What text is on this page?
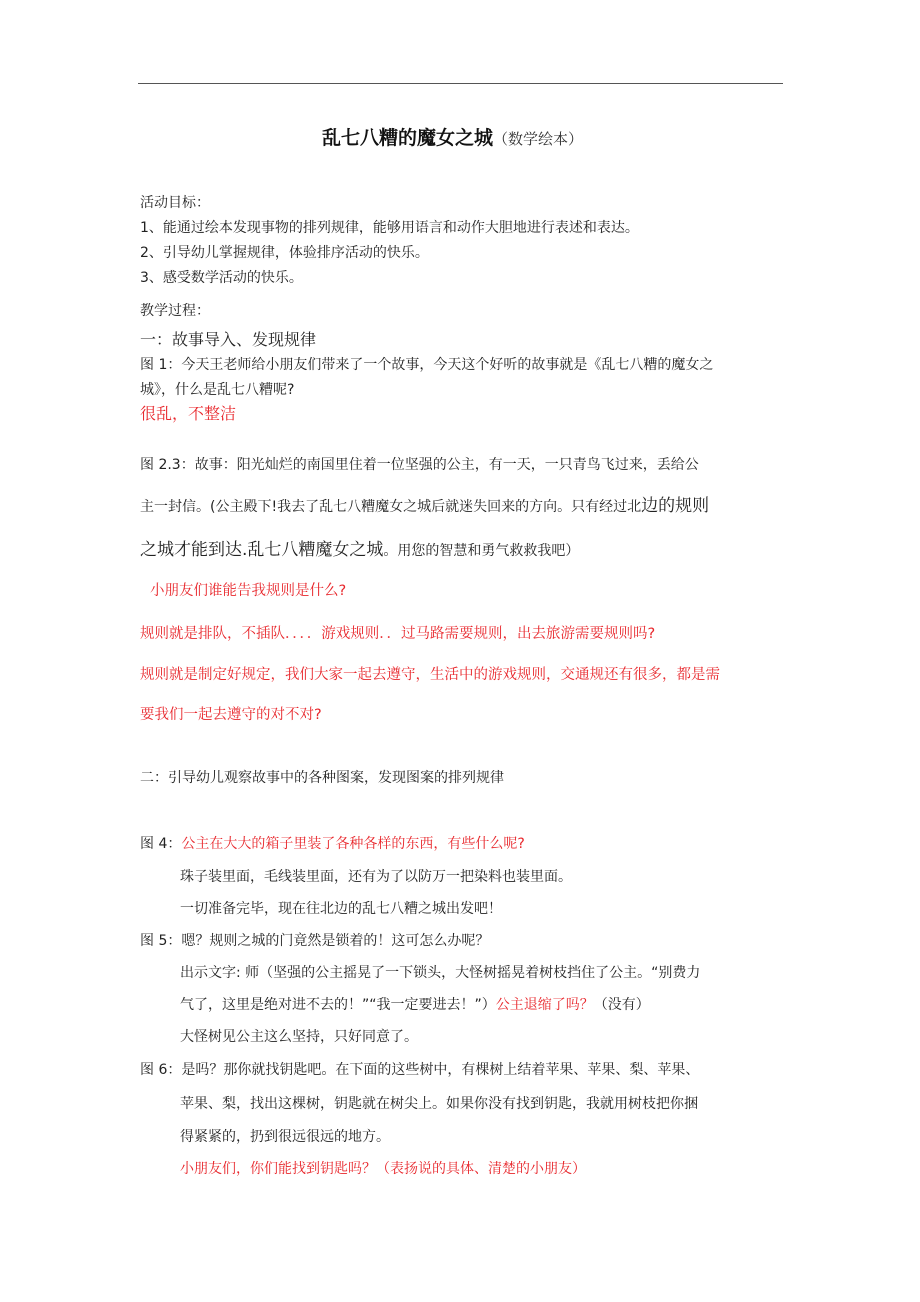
乱七八糟的魔女之城（数学绘本）
活动目标：
1、能通过绘本发现事物的排列规律，能够用语言和动作大胆地进行表述和表达。
2、引导幼儿掌握规律，体验排序活动的快乐。
3、感受数学活动的快乐。
教学过程：
一：故事导入、发现规律
图 1：今天王老师给小朋友们带来了一个故事，今天这个好听的故事就是《乱七八糟的魔女之
城》，什么是乱七八糟呢?
很乱，不整洁
图 2.3：故事：阳光灿烂的南国里住着一位坚强的公主，有一天，一只青鸟飞过来，丢给公
主一封信。(公主殿下!我去了乱七八糟魔女之城后就迷失回来的方向。只有经过北边的规则
之城才能到达.乱七八糟魔女之城。用您的智慧和勇气救救我吧）
小朋友们谁能告我规则是什么?
规则就是排队，不插队．．．．游戏规则．．过马路需要规则，出去旅游需要规则吗?
规则就是制定好规定，我们大家一起去遵守，生活中的游戏规则，交通规还有很多，都是需
要我们一起去遵守的对不对?
二：引导幼儿观察故事中的各种图案，发现图案的排列规律
图 4：公主在大大的箱子里装了各种各样的东西，有些什么呢?
珠子装里面，毛线装里面，还有为了以防万一把染料也装里面。
一切准备完毕，现在往北边的乱七八糟之城出发吧！
图 5：嗯？规则之城的门竟然是锁着的！这可怎么办呢？
出示文字: 师（坚强的公主摇晃了一下锁头，大怪树摇晃着树枝挡住了公主。“别费力
气了，这里是绝对进不去的！”“我一定要进去！”）公主退缩了吗？（没有）
大怪树见公主这么坚持，只好同意了。
图 6：是吗？那你就找钥匙吧。在下面的这些树中，有棵树上结着苹果、苹果、梨、苹果、
苹果、梨，找出这棵树，钥匙就在树尖上。如果你没有找到钥匙，我就用树枝把你捆
得紧紧的，扔到很远很远的地方。
小朋友们，你们能找到钥匙吗？（表扬说的具体、清楚的小朋友）
